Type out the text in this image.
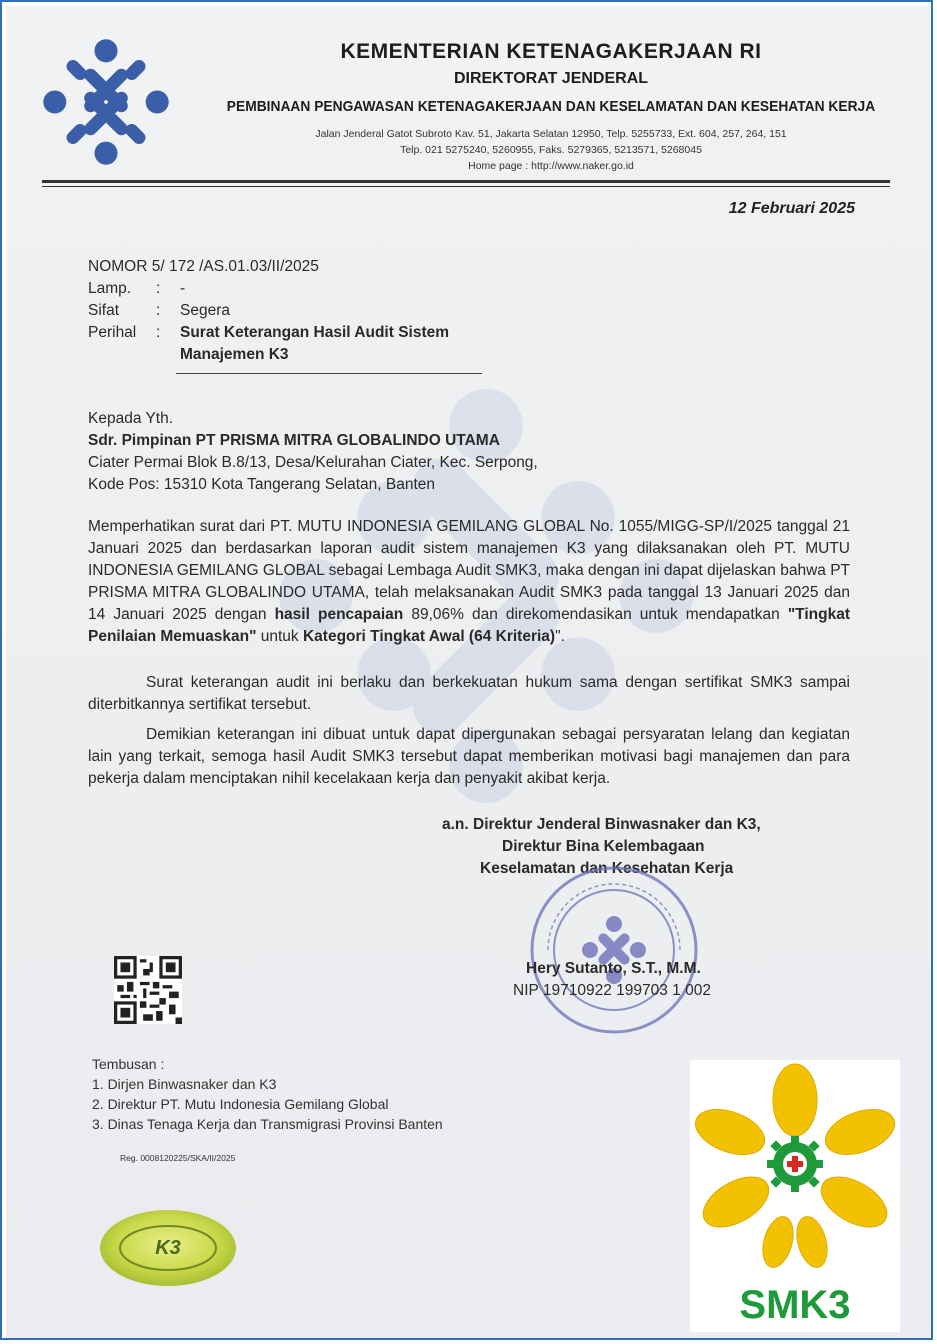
KEMENTERIAN KETENAGAKERJAAN RI
DIREKTORAT JENDERAL
PEMBINAAN PENGAWASAN KETENAGAKERJAAN DAN KESELAMATAN DAN KESEHATAN KERJA
Jalan Jenderal Gatot Subroto Kav. 51, Jakarta Selatan 12950, Telp. 5255733, Ext. 604, 257, 264, 151
Telp. 021 5275240, 5260955, Faks. 5279365, 5213571, 5268045
Home page : http://www.naker.go.id
12 Februari 2025
NOMOR 5/ 172 /AS.01.03/II/2025
Lamp. : -
Sifat : Segera
Perihal : Surat Keterangan Hasil Audit Sistem
Manajemen K3
Kepada Yth.
Sdr. Pimpinan PT PRISMA MITRA GLOBALINDO UTAMA
Ciater Permai Blok B.8/13, Desa/Kelurahan Ciater, Kec. Serpong,
Kode Pos: 15310 Kota Tangerang Selatan, Banten
Memperhatikan surat dari PT. MUTU INDONESIA GEMILANG GLOBAL No. 1055/MIGG-SP/I/2025 tanggal 21 Januari 2025 dan berdasarkan laporan audit sistem manajemen K3 yang dilaksanakan oleh PT. MUTU INDONESIA GEMILANG GLOBAL sebagai Lembaga Audit SMK3, maka dengan ini dapat dijelaskan bahwa PT PRISMA MITRA GLOBALINDO UTAMA, telah melaksanakan Audit SMK3 pada tanggal 13 Januari 2025 dan 14 Januari 2025 dengan hasil pencapaian 89,06% dan direkomendasikan untuk mendapatkan "Tingkat Penilaian Memuaskan" untuk Kategori Tingkat Awal (64 Kriteria)".
Surat keterangan audit ini berlaku dan berkekuatan hukum sama dengan sertifikat SMK3 sampai diterbitkannya sertifikat tersebut.
Demikian keterangan ini dibuat untuk dapat dipergunakan sebagai persyaratan lelang dan kegiatan lain yang terkait, semoga hasil Audit SMK3 tersebut dapat memberikan motivasi bagi manajemen dan para pekerja dalam menciptakan nihil kecelakaan kerja dan penyakit akibat kerja.
a.n. Direktur Jenderal Binwasnaker dan K3,
Direktur Bina Kelembagaan
Keselamatan dan Kesehatan Kerja
Hery Sutanto, S.T., M.M.
NIP 19710922 199703 1 002
Tembusan :
1. Dirjen Binwasnaker dan K3
2. Direktur PT. Mutu Indonesia Gemilang Global
3. Dinas Tenaga Kerja dan Transmigrasi Provinsi Banten
Reg. 0008120225/SKA/II/2025
K3
SMK3
